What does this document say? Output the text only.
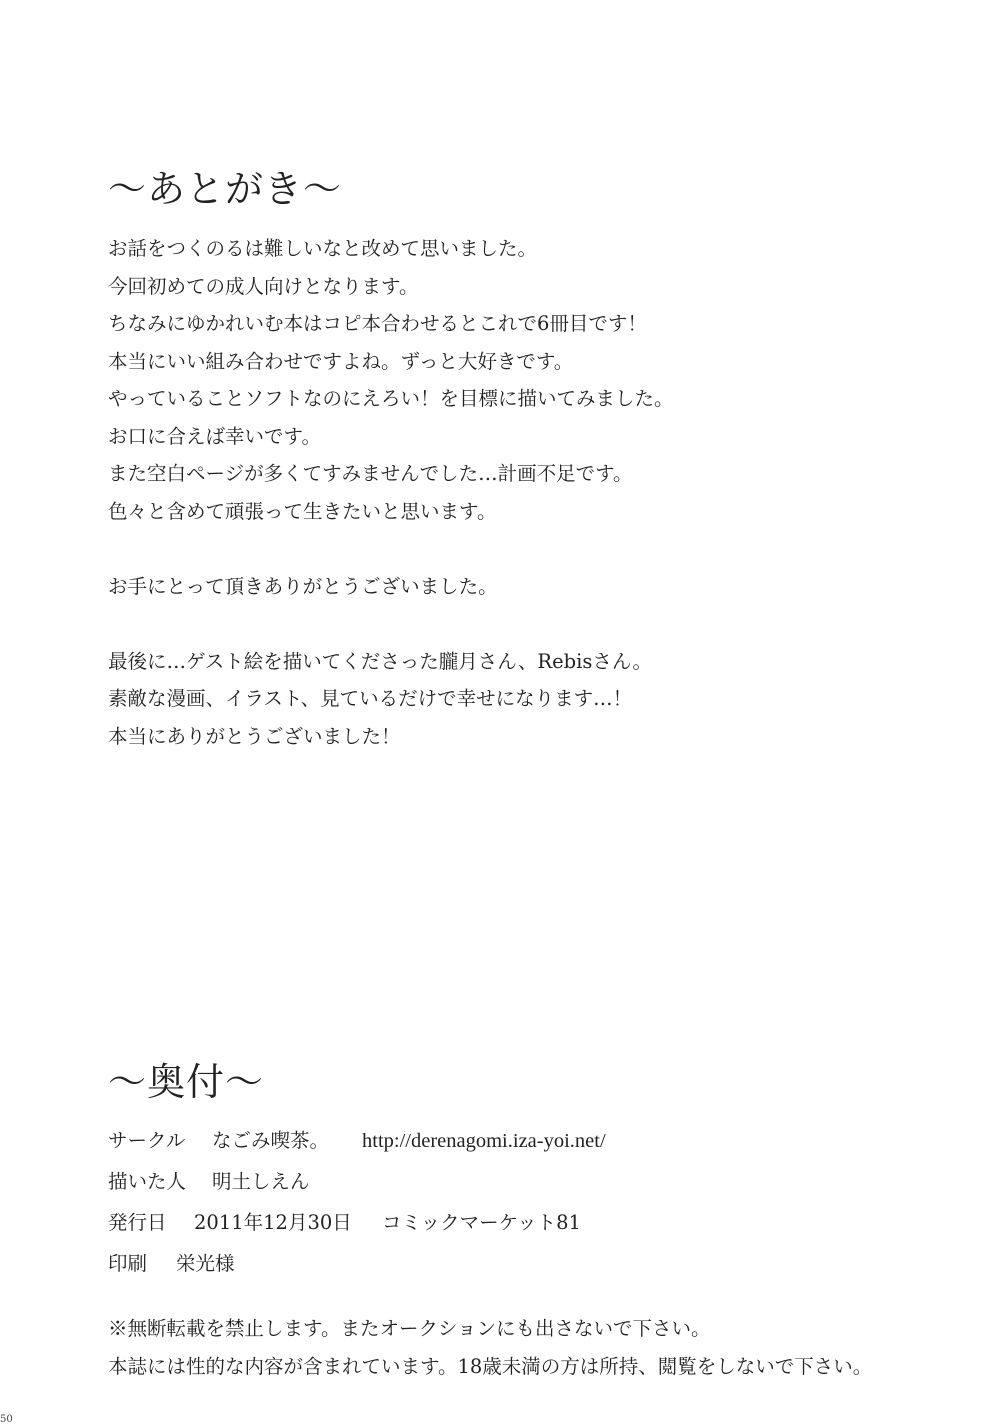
～あとがき～
お話をつくのるは難しいなと改めて思いました。
今回初めての成人向けとなります。
ちなみにゆかれいむ本はコピ本合わせるとこれで6冊目です！
本当にいい組み合わせですよね。ずっと大好きです。
やっていることソフトなのにえろい！を目標に描いてみました。
お口に合えば幸いです。
また空白ページが多くてすみませんでした…計画不足です。
色々と含めて頑張って生きたいと思います。
お手にとって頂きありがとうございました。
最後に…ゲスト絵を描いてくださった朧月さん、Rebisさん。
素敵な漫画、イラスト、見ているだけで幸せになります…！
本当にありがとうございました！
～奥付～
サークル なごみ喫茶。 http://derenagomi.iza-yoi.net/
描いた人 明土しえん
発行日 2011年12月30日 コミックマーケット81
印刷 栄光様
※無断転載を禁止します。またオークションにも出さないで下さい。
本誌には性的な内容が含まれています。18歳未満の方は所持、閲覧をしないで下さい。
50
